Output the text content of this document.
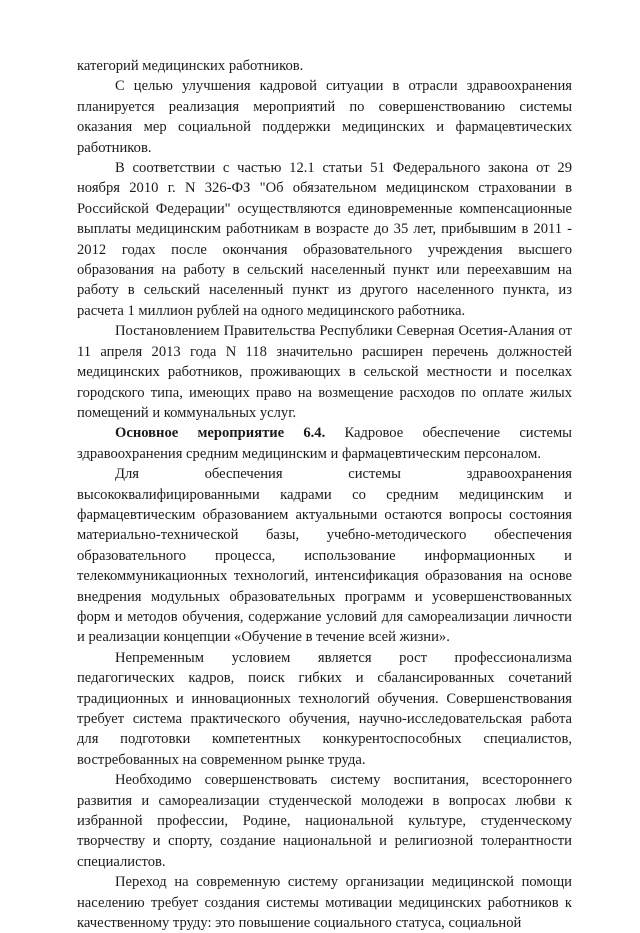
категорий медицинских работников.

С целью улучшения кадровой ситуации в отрасли здравоохранения планируется реализация мероприятий по совершенствованию системы оказания мер социальной поддержки медицинских и фармацевтических работников.

В соответствии с частью 12.1 статьи 51 Федерального закона от 29 ноября 2010 г. N 326-ФЗ "Об обязательном медицинском страховании в Российской Федерации" осуществляются единовременные компенсационные выплаты медицинским работникам в возрасте до 35 лет, прибывшим в 2011 - 2012 годах после окончания образовательного учреждения высшего образования на работу в сельский населенный пункт или переехавшим на работу в сельский населенный пункт из другого населенного пункта, из расчета 1 миллион рублей на одного медицинского работника.

Постановлением Правительства Республики Северная Осетия-Алания от 11 апреля 2013 года N 118 значительно расширен перечень должностей медицинских работников, проживающих в сельской местности и поселках городского типа, имеющих право на возмещение расходов по оплате жилых помещений и коммунальных услуг.

Основное мероприятие 6.4. Кадровое обеспечение системы здравоохранения средним медицинским и фармацевтическим персоналом.

Для обеспечения системы здравоохранения высококвалифицированными кадрами со средним медицинским и фармацевтическим образованием актуальными остаются вопросы состояния материально-технической базы, учебно-методического обеспечения образовательного процесса, использование информационных и телекоммуникационных технологий, интенсификация образования на основе внедрения модульных образовательных программ и усовершенствованных форм и методов обучения, содержание условий для самореализации личности и реализации концепции «Обучение в течение всей жизни».

Непременным условием является рост профессионализма педагогических кадров, поиск гибких и сбалансированных сочетаний традиционных и инновационных технологий обучения. Совершенствования требует система практического обучения, научно-исследовательская работа для подготовки компетентных конкурентоспособных специалистов, востребованных на современном рынке труда.

Необходимо совершенствовать систему воспитания, всестороннего развития и самореализации студенческой молодежи в вопросах любви к избранной профессии, Родине, национальной культуре, студенческому творчеству и спорту, создание национальной и религиозной толерантности специалистов.

Переход на современную систему организации медицинской помощи населению требует создания системы мотивации медицинских работников к качественному труду: это повышение социального статуса, социальной
